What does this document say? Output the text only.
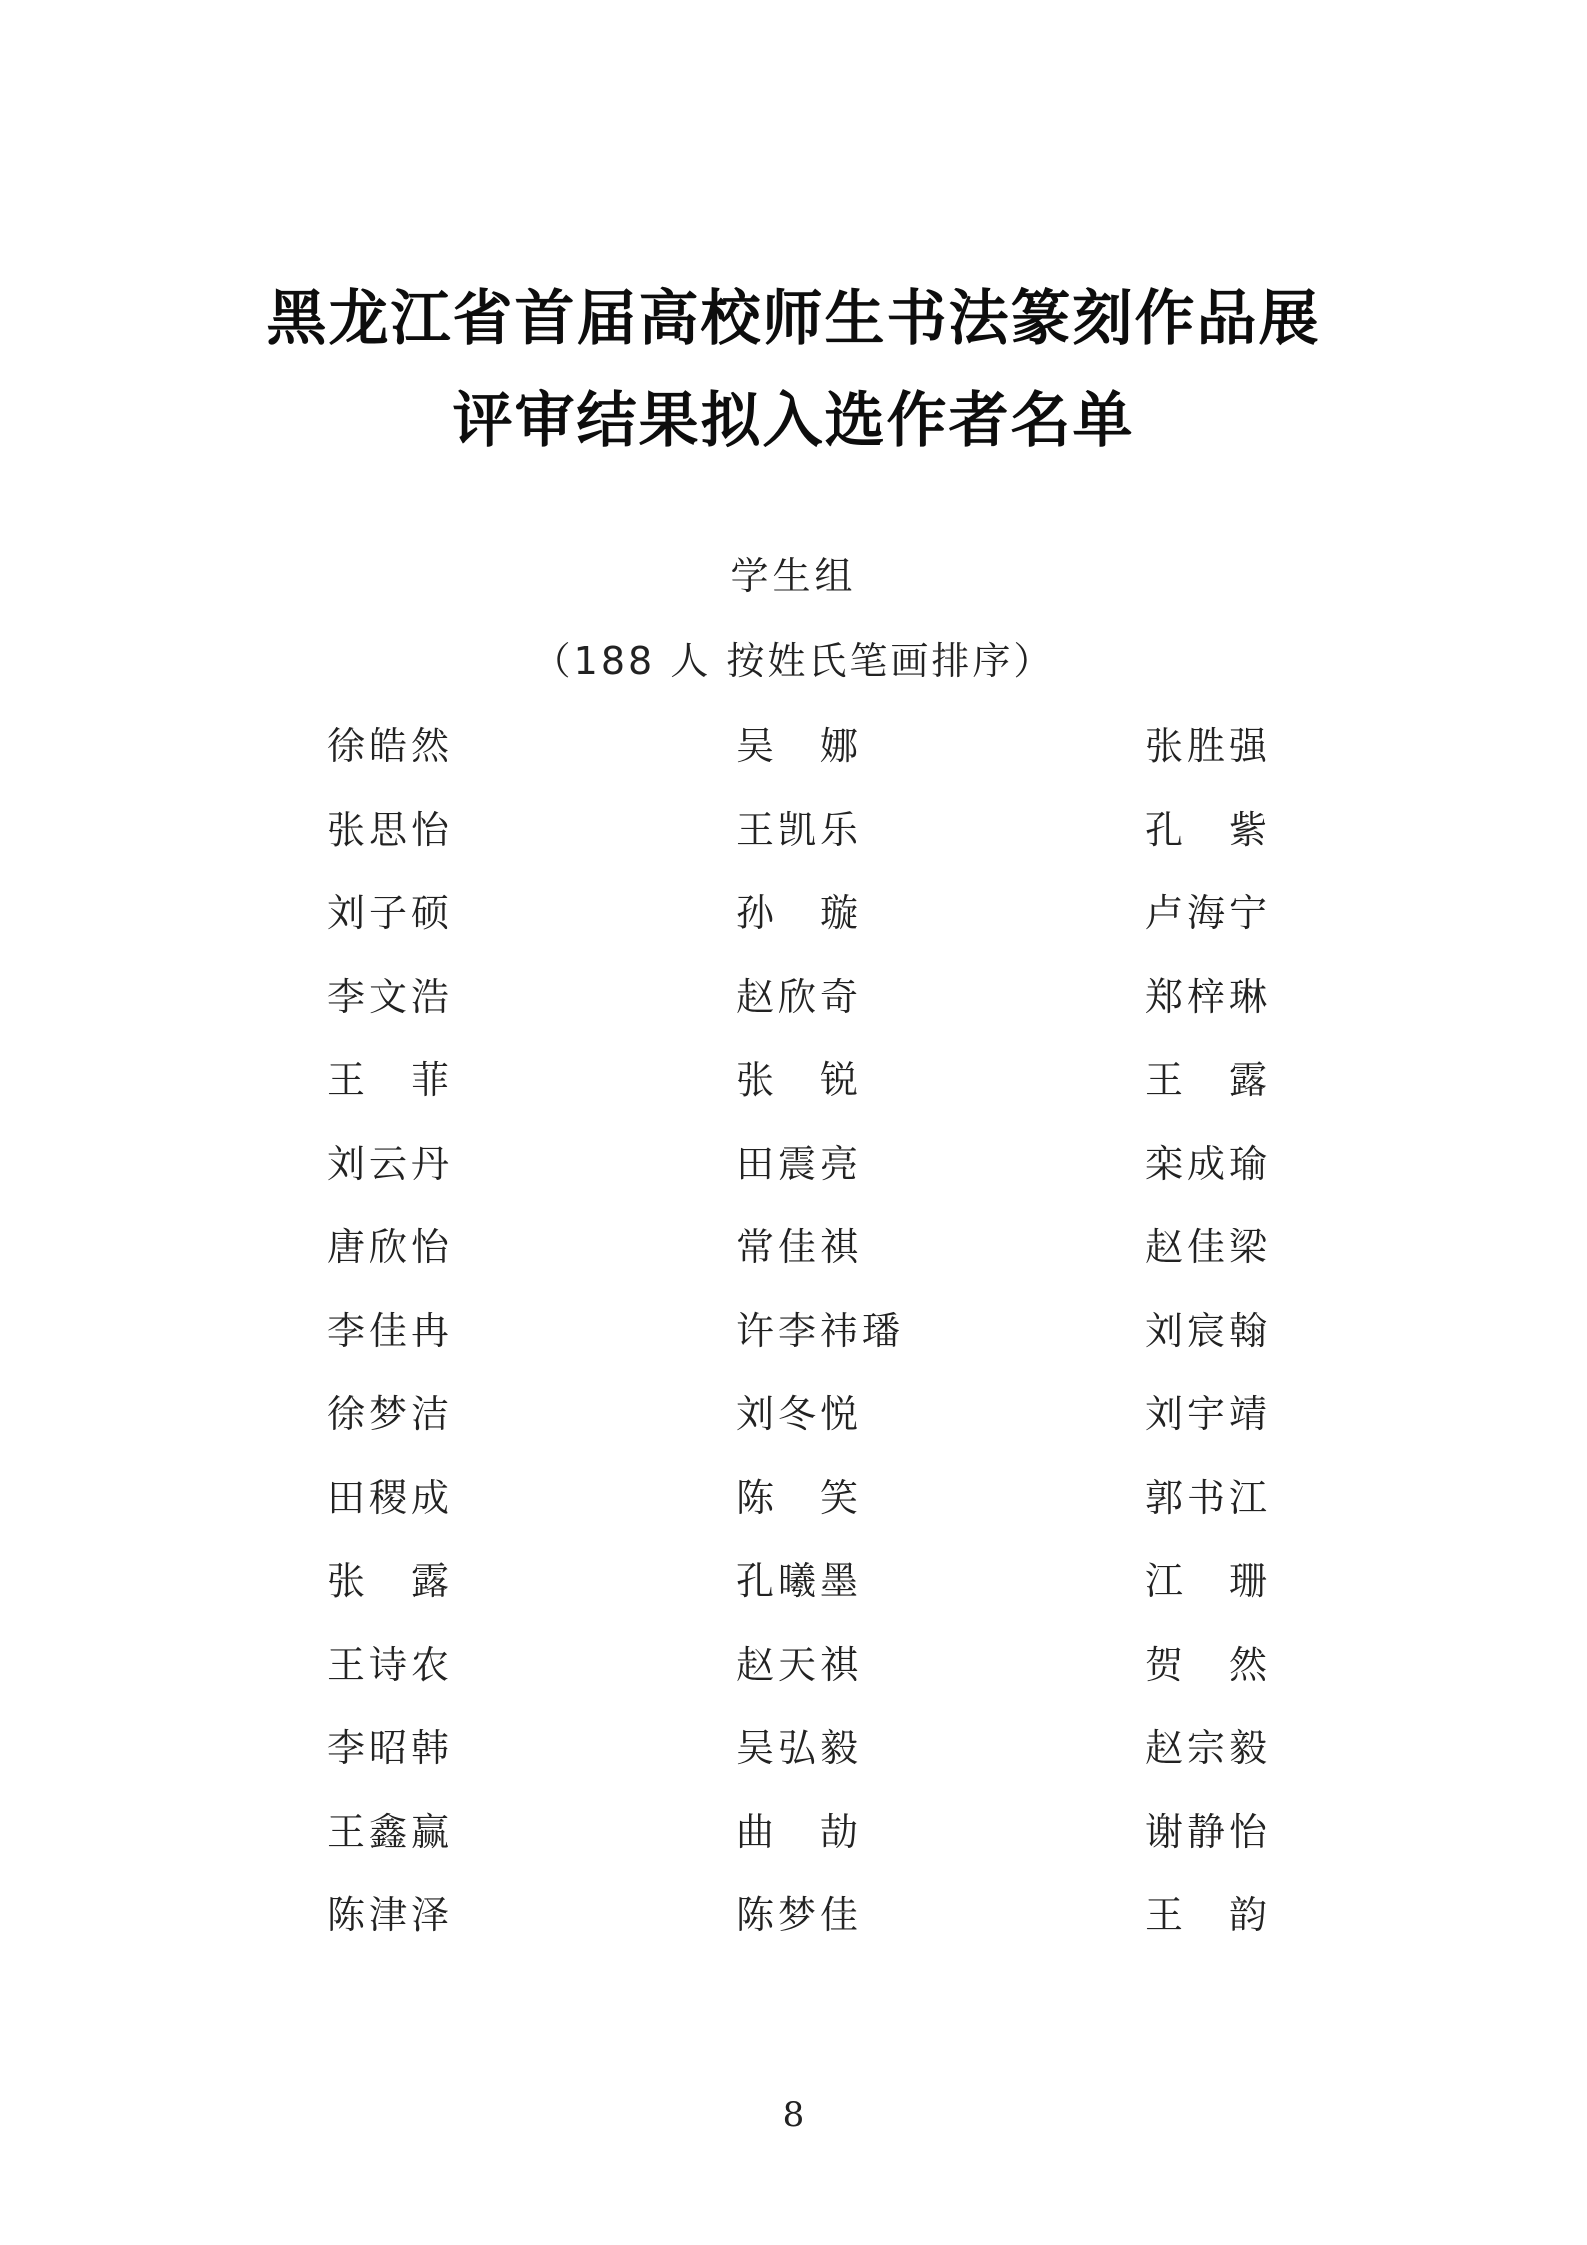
黑龙江省首届高校师生书法篆刻作品展
评审结果拟入选作者名单
学生组
（188 人 按姓氏笔画排序）
徐 皓 然	吴 娜	张 胜 强
张 思 怡	王 凯 乐	孔 紫
刘 子 硕	孙 璇	卢 海 宁
李 文 浩	赵 欣 奇	郑 梓 琳
王 菲	张 锐	王 露
刘 云 丹	田 震 亮	栾 成 瑜
唐 欣 怡	常 佳 祺	赵 佳 梁
李 佳 冉	许 李 祎 璠	刘 宸 翰
徐 梦 洁	刘 冬 悦	刘 宇 靖
田 稷 成	陈 笑	郭 书 江
张 露	孔 曦 墨	江 珊
王 诗 农	赵 天 祺	贺 然
李 昭 韩	吴 弘 毅	赵 宗 毅
王 鑫 赢	曲 劼	谢 静 怡
陈 津 泽	陈 梦 佳	王 韵
8
